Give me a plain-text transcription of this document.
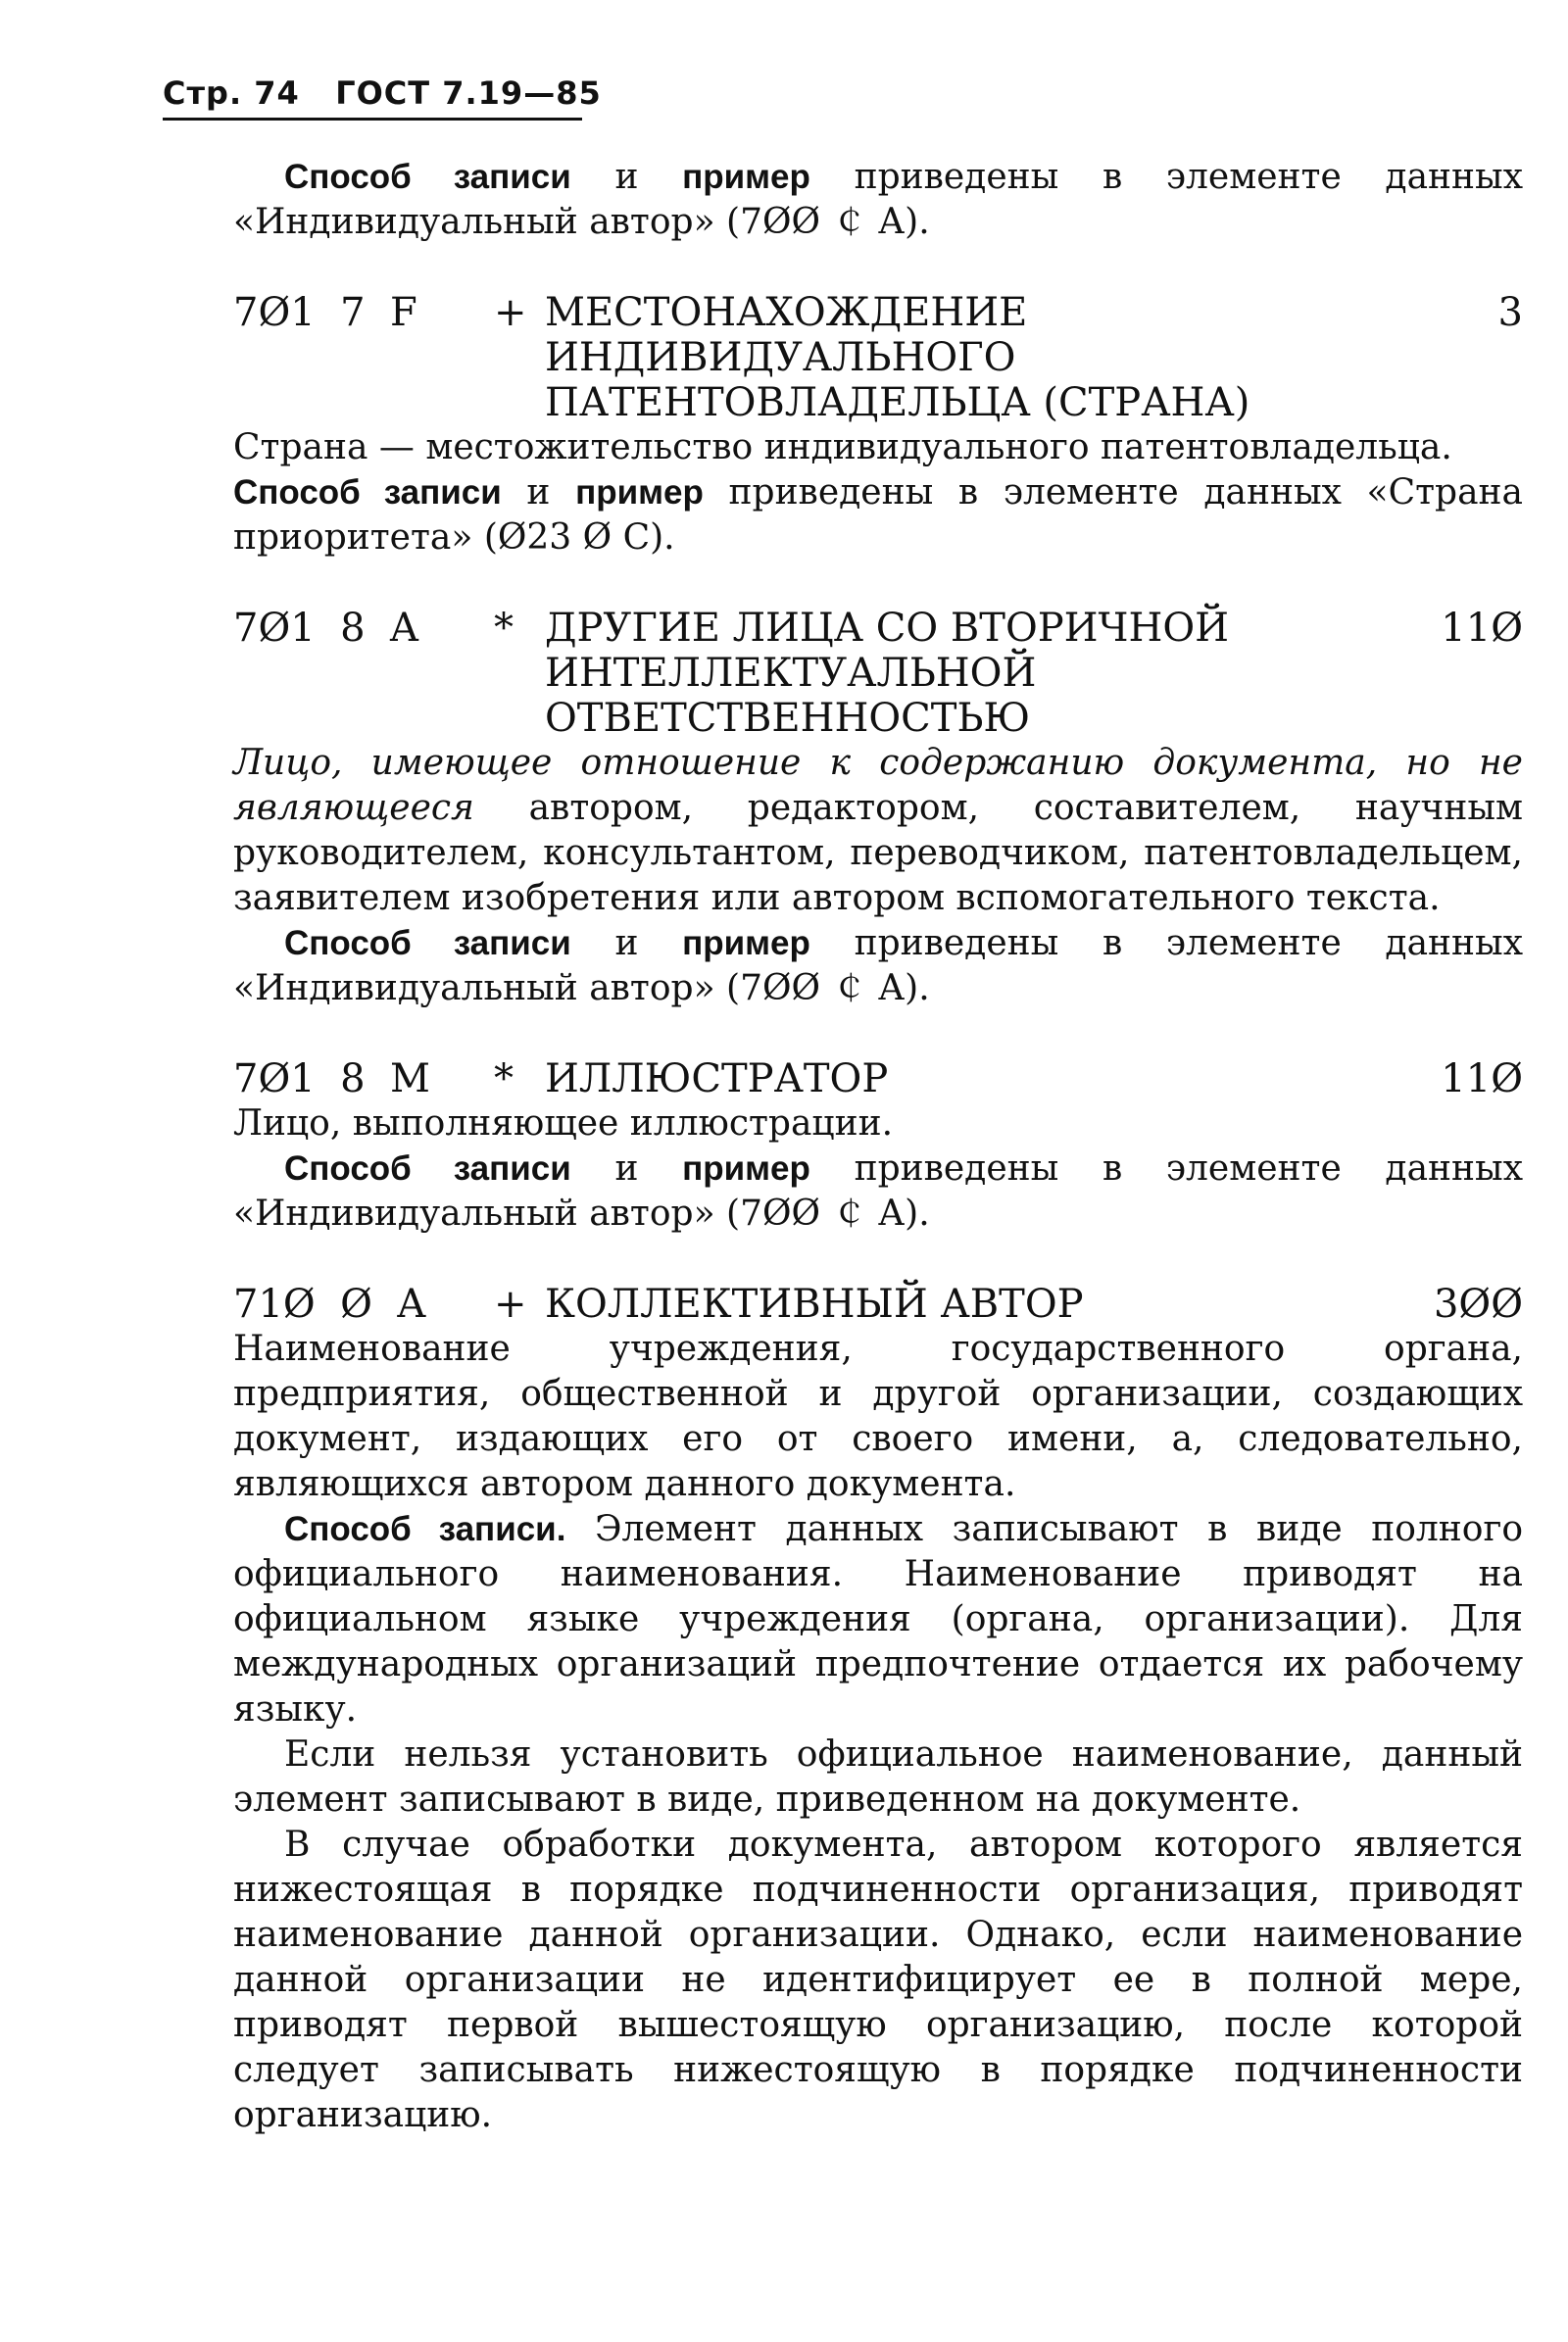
Стр. 74 ГОСТ 7.19—85

Способ записи и пример приведены в элементе данных «Индивидуальный автор» (7ØØ ￠ А).

7Ø1  7  F + МЕСТОНАХОЖДЕНИЕ	3
ИНДИВИДУАЛЬНОГО
ПАТЕНТОВЛАДЕЛЬЦА (СТРАНА)

Страна — местожительство индивидуального патентовладельца.

Способ записи и пример приведены в элементе данных «Страна приоритета» (Ø23 Ø С).

7Ø1  8  A * ДРУГИЕ ЛИЦА СО ВТОРИЧНОЙ	11Ø
ИНТЕЛЛЕКТУАЛЬНОЙ
ОТВЕТСТВЕННОСТЬЮ

Лицо, имеющее отношение к содержанию документа, но не являющееся автором, редактором, составителем, научным руководителем, консультантом, переводчиком, патентовладельцем, заявителем изобретения или автором вспомогательного текста.

Способ записи и пример приведены в элементе данных «Индивидуальный автор» (7ØØ ￠ А).

7Ø1  8  M * ИЛЛЮСТРАТОР	11Ø

Лицо, выполняющее иллюстрации.

Способ записи и пример приведены в элементе данных «Индивидуальный автор» (7ØØ ￠ А).

71Ø  Ø  A + КОЛЛЕКТИВНЫЙ АВТОР	3ØØ

Наименование учреждения, государственного органа, предприятия, общественной и другой организации, создающих документ, издающих его от своего имени, а, следовательно, являющихся автором данного документа.

Способ записи. Элемент данных записывают в виде полного официального наименования. Наименование приводят на официальном языке учреждения (органа, организации). Для международных организаций предпочтение отдается их рабочему языку.

Если нельзя установить официальное наименование, данный элемент записывают в виде, приведенном на документе.

В случае обработки документа, автором которого является нижестоящая в порядке подчиненности организация, приводят наименование данной организации. Однако, если наименование данной организации не идентифицирует ее в полной мере, приводят первой вышестоящую организацию, после которой следует записывать нижестоящую в порядке подчиненности организацию.
